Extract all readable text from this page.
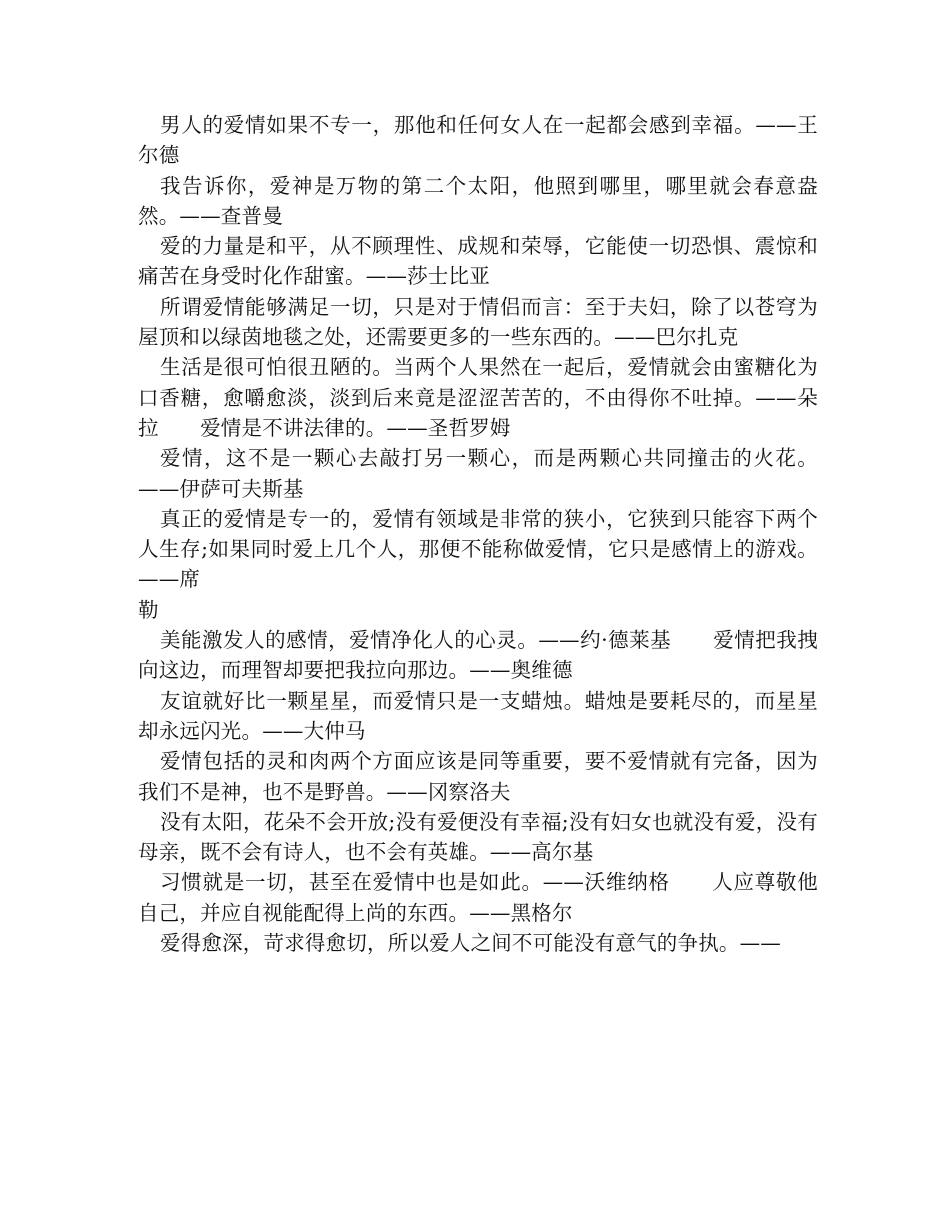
男人的爱情如果不专一，那他和任何女人在一起都会感到幸福。——王尔德

我告诉你，爱神是万物的第二个太阳，他照到哪里，哪里就会春意盎然。——查普曼

爱的力量是和平，从不顾理性、成规和荣辱，它能使一切恐惧、震惊和痛苦在身受时化作甜蜜。——莎士比亚

所谓爱情能够满足一切，只是对于情侣而言：至于夫妇，除了以苍穹为屋顶和以绿茵地毯之处，还需要更多的一些东西的。——巴尔扎克

生活是很可怕很丑陋的。当两个人果然在一起后，爱情就会由蜜糖化为口香糖，愈嚼愈淡，淡到后来竟是涩涩苦苦的，不由得你不吐掉。——朵拉　　爱情是不讲法律的。——圣哲罗姆

爱情，这不是一颗心去敲打另一颗心，而是两颗心共同撞击的火花。——伊萨可夫斯基

真正的爱情是专一的，爱情有领域是非常的狭小，它狭到只能容下两个人生存;如果同时爱上几个人，那便不能称做爱情，它只是感情上的游戏。——席

勒

美能激发人的感情，爱情净化人的心灵。——约·德莱基　　爱情把我拽向这边，而理智却要把我拉向那边。——奥维德

友谊就好比一颗星星，而爱情只是一支蜡烛。蜡烛是要耗尽的，而星星却永远闪光。——大仲马

爱情包括的灵和肉两个方面应该是同等重要，要不爱情就有完备，因为我们不是神，也不是野兽。——冈察洛夫

没有太阳，花朵不会开放;没有爱便没有幸福;没有妇女也就没有爱，没有母亲，既不会有诗人，也不会有英雄。——高尔基

习惯就是一切，甚至在爱情中也是如此。——沃维纳格　　人应尊敬他自己，并应自视能配得上尚的东西。——黑格尔

爱得愈深，苛求得愈切，所以爱人之间不可能没有意气的争执。——
